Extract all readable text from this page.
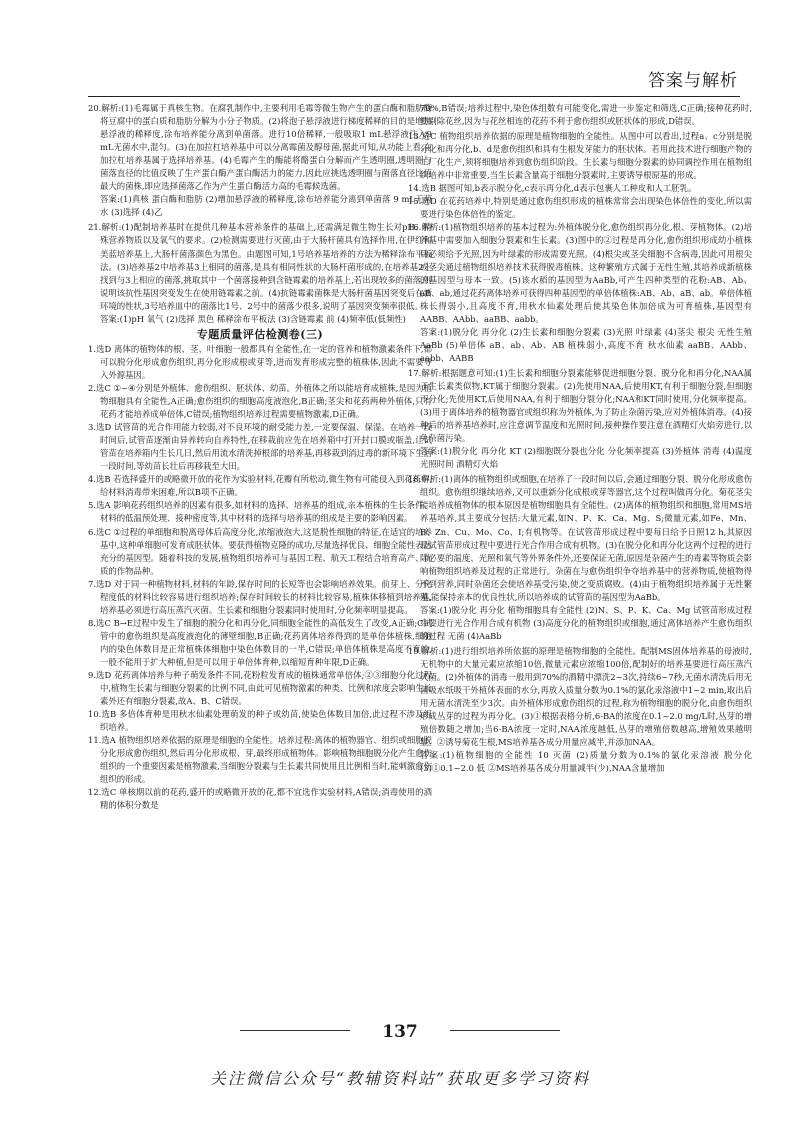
答案与解析

20.解析:(1)毛霉属于真核生物。在腐乳制作中,主要利用毛霉等微生物产生的蛋白酶和脂肪酶将豆腐中的蛋白质和脂肪分解为小分子物质。(2)将泡子悬浮液进行梯度稀释的目的是增加悬浮液的稀释度,涂布培养能分离到单菌落。进行10倍稀释,一般吸取1 mL悬浮液注入9 mL无菌水中,混匀。(3)在加拉杠培养基中可以分离霉菌及醇母菌,据此可知,从功能上看,在加拉杠培养基属于选择培养基。(4)毛霉产生的酶能将酪蛋白分解而产生透明圈,透明圈与菌落直径的比值反映了生产蛋白酶产蛋白酶活力的能力,因此应挑选透明圈与菌落直径比值最大的菌株,即应选择菌落乙作为产生蛋白酶活力高的毛霉候选菌。

答案:(1)真核 蛋白酶和脂肪 (2)增加悬浮液的稀释度,涂布培养能分离到单菌落 9 mL无菌水 (3)选择 (4)乙

21.解析:(1)配制培养基时在提供几种基本营养条件的基础上,还需满足微生物生长对pH、特殊营养物质以及氧气的要求。(2)检测需要进行灭菌,由于大肠杆菌具有选择作用,在伊红和美蓝培养基上,大肠杆菌落颜色为黑色。由题图可知,1号培养基培养的方法为稀释涂布平板法。(3)培养基2中培养基3上相同的菌落,是具有相同性状的大肠杆菌形成的,在培养基2上找到与3上相应的菌落,挑取其中一个菌落接种到含链霉素的培养基上,若出现较多的菌落,则说明该抗性基因突变发生在使用链霉素之前。(4)抗链霉素菌株是大肠杆菌基因突变后在新环境的性状,3号培养皿中的菌落比1号、2号中的菌落少很多,说明了基因突变频率很低。

答案:(1)pH 氧气 (2)选择 黑色 稀释涂布平板法 (3)含链霉素 前 (4)频率低(低频性)

专题质量评估检测卷(三)

1.选D 离体的植物体的根、茎、叶细胞一般都具有全能性,在一定的营养和植物激素条件下,都可以脱分化形成愈伤组织,再分化形成根或芽等,进而发育形成完整的植株体,因此不需要导入外源基因。

2.选C ①~④分别是外植体、愈伤组织、胚状体、幼苗。外植体之所以能培育成植株,是因为植物细胞具有全能性,A正确;愈伤组织的细胞高度液泡化,B正确;茎尖和花药两种外植体,只有花药才能培养成单倍体,C错误;植物组织培养过程需要植物激素,D正确。

3.选D 试管苗的光合作用能力较弱,对不良环境的耐受能力差,一定要保温、保湿。在培养一段时间后,试管苗逐渐由异养转向自养特性,在移栽前应先在培养箱中打开封口膜或瓶盖,让试管苗在培养箱内生长几日,然后用流水清洗掉根部的培养基,再移栽到消过毒的新环境下生活一段时间,等幼苗长壮后再移栽至大田。

4.选B 若选择盛开的或略微开放的花作为实验材料,花瓣有所松动,微生物有可能侵入到花药中,给材料消毒带来困难,所以B项不正确。

5.选A 影响花药组织培养的因素有很多,如材料的选择、培养基的组成,亲本植株的生长条件、材料的低温预处理、接种密度等,其中材料的选择与培养基的组成是主要的影响因素。

6.选C ①过程的单细胞和脱离母体后高度分化,浓缩液泡大,这是脱性细胞的特征,在适宜的培养基中,这种单细胞可发育成胚状体。要获得植物克隆的成功,尽量选择优良、细胞全能性表达充分的基因型。随着科技的发展,植物组织培养可与基因工程、航天工程结合培育高产、优质的作物品种。

7.选D 对于同一种植物材料,材料的年龄,保存时间的长短等也会影响培养效果。前芽上、分化程度低的材料比较容易进行组织培养;保存时间较长的材料比较容易,植株体移植到培养基,培养基必须进行高压蒸汽灭菌。生长素和细胞分裂素同时使用时,分化频率明显提高。

8.选C B→E过程中发生了细胞的脱分化和再分化,同细胞全能性的高低发生了改变,A正确;C试管中的愈伤组织是高度液泡化的薄壁细胞,B正确;花药离体培养得到的是单倍体植株,细胞内的染色体数目是正常植株体细胞中染色体数目的一半,C错误;单倍体植株是高度不育的,一般不能用于扩大种植,但是可以用于单倍体育种,以缩短育种年限,D正确。

9.选D 花药离体培养与种子萌发条件不同,花粉粒发育成的植株通常单倍体;②③细胞分化过程中,植物生长素与细胞分裂素的比例不同,由此可见植物激素的种类、比例和浓度会影响生长素外还有细胞分裂素,故A、B、C错误。

10.选B 多倍体育种是用秋水仙素处理萌发的种子或幼苗,使染色体数目加倍,此过程不涉及组织培养。

11.选A 植物组织培养依据的原理是细胞的全能性。培养过程:离体的植物器官、组织或细胞脱分化形成愈伤组织,然后再分化形成根、芽,最终形成植物体。影响植物细胞脱分化产生愈伤组织的一个重要因素是植物激素,当细胞分裂素与生长素共同使用且比例相当时,能刺激愈伤组织的形成。

12.选C 单核期以前的花药,盛开的或略微开放的花,都不宜选作实验材料,A错误;消毒使用的酒精的体积分数是

70%,B错误;培养过程中,染色体组数有可能变化,需进一步鉴定和筛选,C正确;接种花药时,要剔除花丝,因为与花丝相连的花药不利于愈伤组织或胚状体的形成,D错误。

13.选C 植物组织培养依据的原理是植物细胞的全能性。从图中可以看出,过程a、c分别是脱分化和再分化,b、d是愈伤组织和具有生根发芽能力的胚状体。若用此技术进行细胞产物的工厂化生产,须将细胞培养到愈伤组织阶段。生长素与细胞分裂素的协同调控作用在植物组织培养中非常重要,当生长素含量高于细胞分裂素时,主要诱导根原基的形成。

14.选B 据图可知,b表示脱分化,c表示再分化,d表示包裹人工种皮和人工胚乳。

15.选D 在花药培养中,特别是通过愈伤组织形成的植株常常会出现染色体倍性的变化,所以需要进行染色体倍性的鉴定。

16.解析:(1)植物组织培养的基本过程为:外植体脱分化,愈伤组织再分化,根、芽植物体。(2)培养基中需要加入细胞分裂素和生长素。(3)图中的②过程是再分化,愈伤组织形成幼小植株后必须给予光照,因为叶绿素的形成需要光照。(4)根尖或茎尖细胞不含病毒,因此可用根尖或茎尖通过植物组织培养技术获得脱毒植株。这种繁殖方式属于无性生殖,其培养成新植株的基因型与母本一致。(5)该水稻的基因型为AaBb,可产生四种类型的花粉:AB、Ab、aB、ab,通过花药离体培养可获得四种基因型的单倍体植株:AB、Ab、aB、ab。单倍体植株长得弱小,且高度不育,用秋水仙素处理后使其染色体加倍成为可育植株,基因型有AABB、AAbb、aaBB、aabb。

答案:(1)脱分化 再分化 (2)生长素和细胞分裂素 (3)光照 叶绿素 (4)茎尖 根尖 无性生殖 AaBb (5)单倍体 aB、ab、Ab、AB 植株弱小,高度不育 秋水仙素 aaBB、AAbb、aabb、AABB

17.解析:根据题意可知:(1)生长素和细胞分裂素能够促进细胞分裂、脱分化和再分化,NAA属于生长素类似物,KT属于细胞分裂素。(2)先使用NAA,后使用KT,有利于细胞分裂,但细胞不分化;先使用KT,后使用NAA,有利于细胞分裂分化;NAA和KT同时使用,分化频率提高。(3)用于离体培养的植物器官或组织称为外植体,为了防止杂菌污染,应对外植体消毒。(4)接种后的培养基培养时,应注意调节温度和光照时间,接种操作要注意在酒精灯火焰旁进行,以免杂菌污染。

答案:(1)脱分化 再分化 KT (2)细胞既分裂也分化 分化频率提高 (3)外植体 消毒 (4)温度 光照时间 酒精灯火焰

18.解析:(1)离体的植物组织或细胞,在培养了一段时间以后,会通过细胞分裂、脱分化形成愈伤组织。愈伤组织继续培养,又可以重新分化成根或芽等器官,这个过程叫做再分化。菊花茎尖能培养成植物体的根本原因是植物细胞具有全能性。(2)离体的植物组织和细胞,常用MS培养基培养,其主要成分包括:大量元素,如N、P、K、Ca、Mg、S;微量元素,如Fe、Mn、B、Zn、Cu、Mo、Co、I;有机物等。在试管苗形成过程中要每日给予日照12 h,其原因是试管苗形成过程中要进行光合作用合成有机物。(3)在脱分化和再分化这两个过程的进行除必要的温度、光照和氧气等外界条件外,还要保证无菌,原因是杂菌产生的毒素等物质会影响植物组织培养及过程的正常进行。杂菌在与愈伤组织争夺培养基中的营养物质,使植物得不到营养,同时杂菌还会使培养基受污染,使之变质腐败。(4)由于植物组织培养属于无性繁殖,能保持亲本的优良性状,所以培养成的试管苗的基因型为AaBb。

答案:(1)脱分化 再分化 植物细胞具有全能性 (2)N、S、P、K、Ca、Mg 试管苗形成过程中要进行光合作用合成有机物 (3)高度分化的植物组织或细胞,通过离体培养产生愈伤组织的过程 无菌 (4)AaBb

19.解析:(1)进行组织培养所依据的原理是植物细胞的全能性。配制MS固体培养基的母液时,无机物中的大量元素应浓缩10倍,微量元素应浓缩100倍,配制好的培养基要进行高压蒸汽灭菌。(2)外植体的消毒一般用到70%的酒精中漂洗2~3次,持续6~7秒,无菌水清洗后用无菌吸水纸吸干外植体表面的水分,再放入质量分数为0.1%的氯化汞溶液中1~2 min,取出后用无菌水清洗至少3次。由外植体形成愈伤组织的过程,称为植物细胞的脱分化,由愈伤组织形成丛芽的过程为再分化。(3)①根据表格分析,6-BA的浓度在0.1~2.0 mg/L时,丛芽的增殖倍数随之增加;当6-BA浓度一定时,NAA浓度越低,丛芽的增殖倍数越高,增殖效果越明显。②诱导菊花生根,MS培养基各成分用量应减半,并添加NAA。

答案:(1)植物细胞的全能性 10 灭菌 (2)质量分数为0.1%的氯化汞溶液 脱分化 (3)①0.1~2.0 低 ②MS培养基各成分用量减半(少),NAA含量增加

137
关注微信公众号“教辅资料站”获取更多学习资料
